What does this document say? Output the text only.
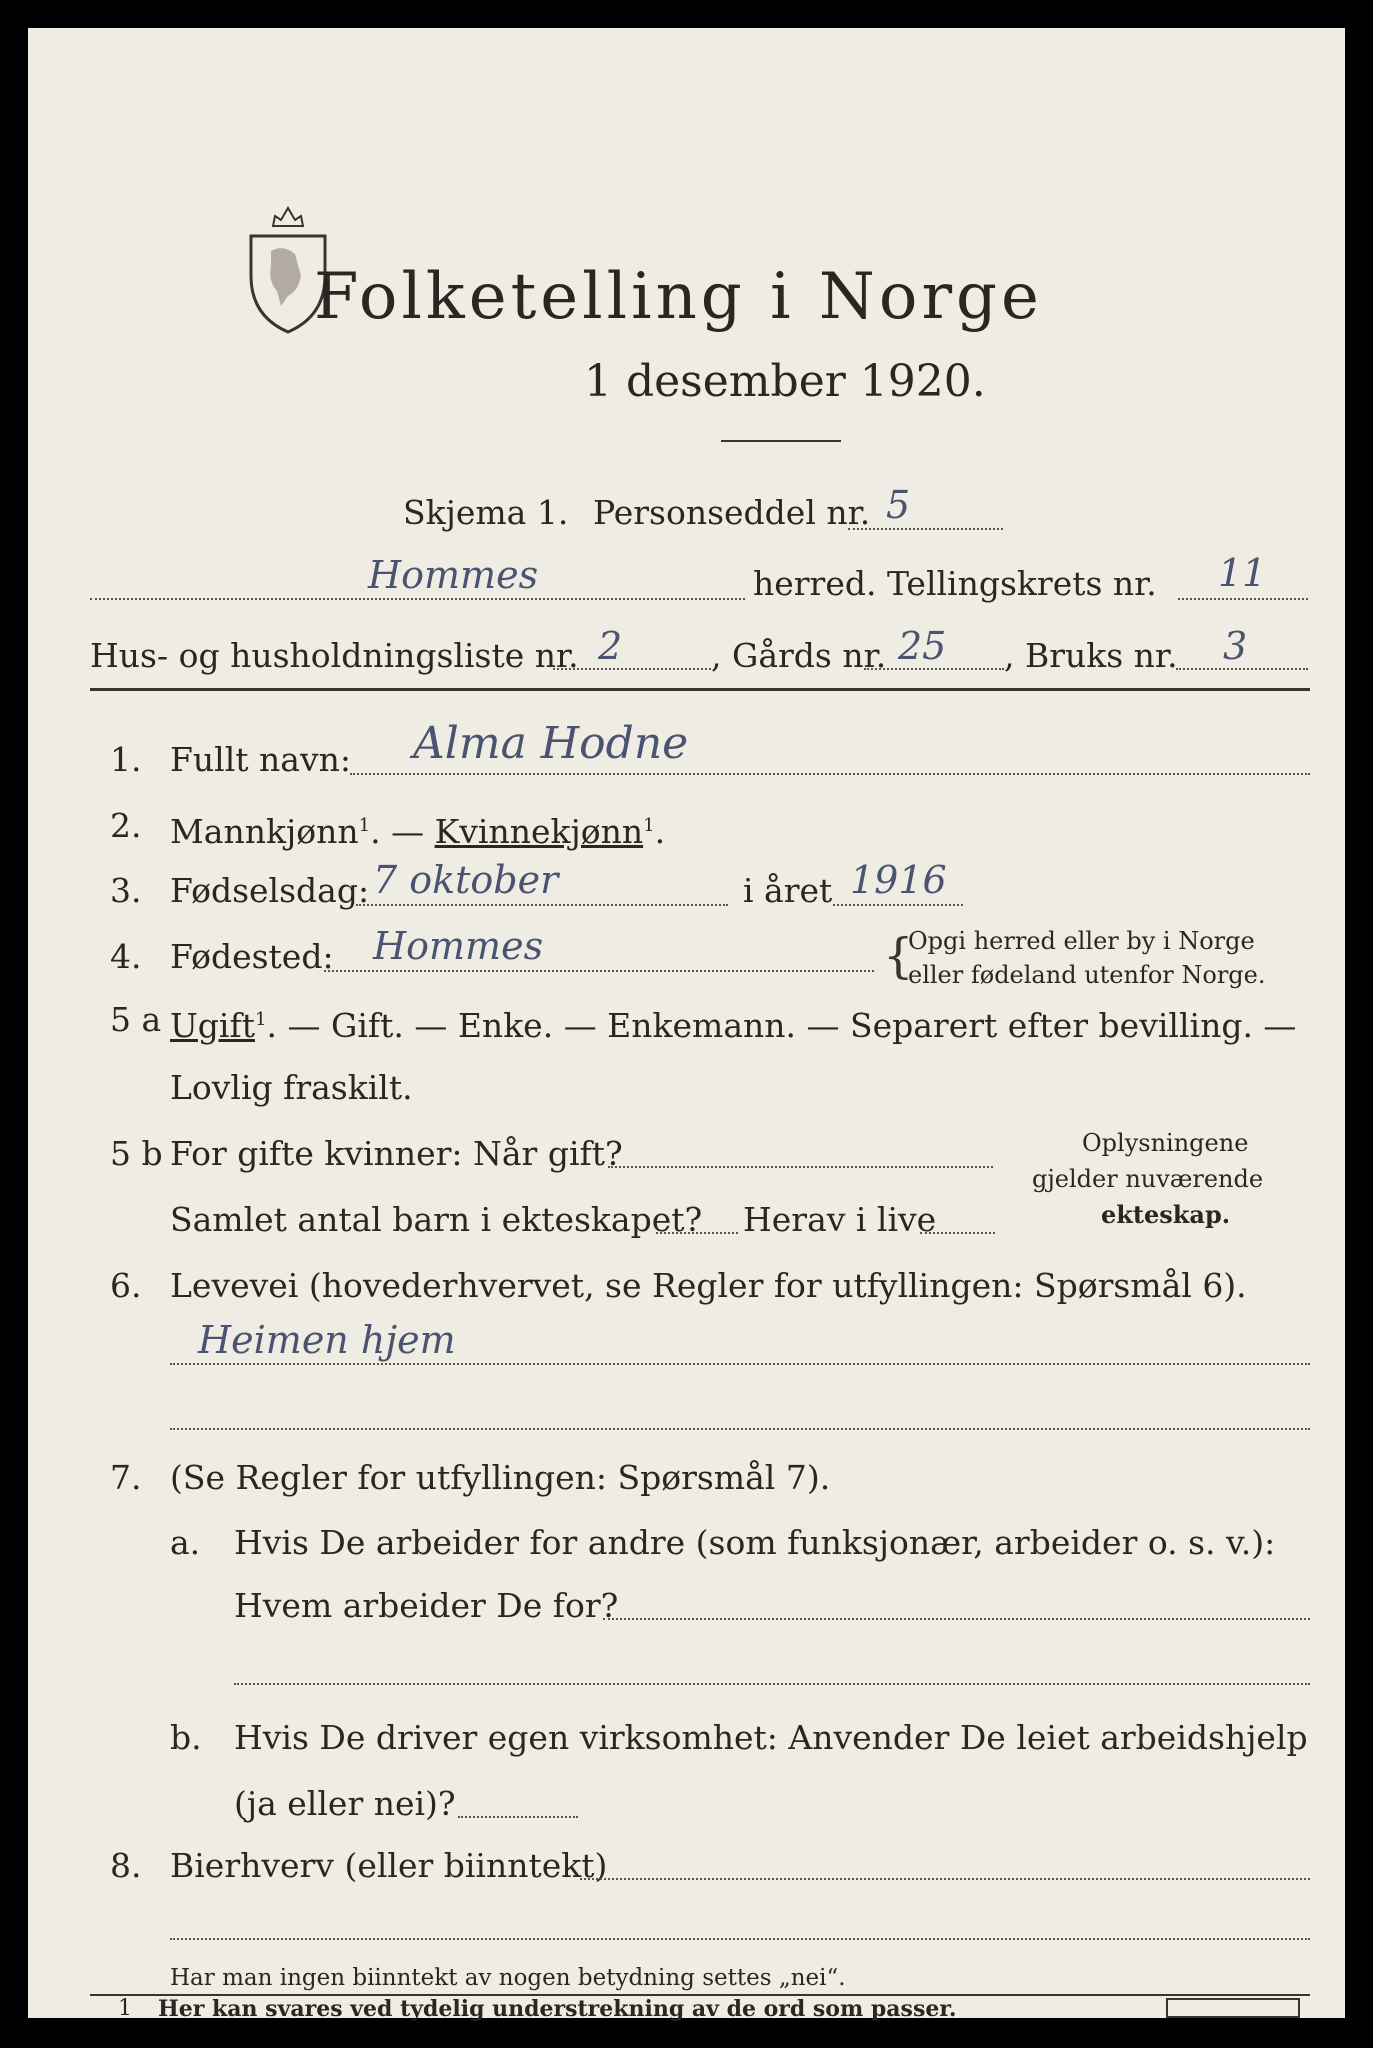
Folketelling i Norge
1 desember 1920.
Skjema 1. Personseddel nr. 5
Hommes	herred. Tellingskrets nr. 11
Hus- og husholdningsliste nr. 2	, Gårds nr. 25 , Bruks nr. 3
1. Fullt navn: Alma Hodne
2. Mannkjønn$^1$. — Kvinnekjønn$^1$.
3. Fødselsdag: 7 oktober	i året 1916
4. Fødested: Hommes	{
Opgi herred eller by i Norge
eller fødeland utenfor Norge.
5 a Ugift$^1$. — Gift. — Enke. — Enkemann. — Separert efter bevilling. —
Lovlig fraskilt.
5 b For gifte kvinner: Når gift?
Samlet antal barn i ekteskapet? Herav i live
Oplysningene
gjelder nuværende
ekteskap.
6. Levevei (hovederhvervet, se Regler for utfyllingen: Spørsmål 6).
Heimen hjem
7. (Se Regler for utfyllingen: Spørsmål 7).
a. Hvis De arbeider for andre (som funksjonær, arbeider o. s. v.):
Hvem arbeider De for?
b. Hvis De driver egen virksomhet: Anvender De leiet arbeidshjelp
(ja eller nei)?
8. Bierhverv (eller biinntekt)
Har man ingen biinntekt av nogen betydning settes „nei“.
1 Her kan svares ved tydelig understrekning av de ord som passer.
